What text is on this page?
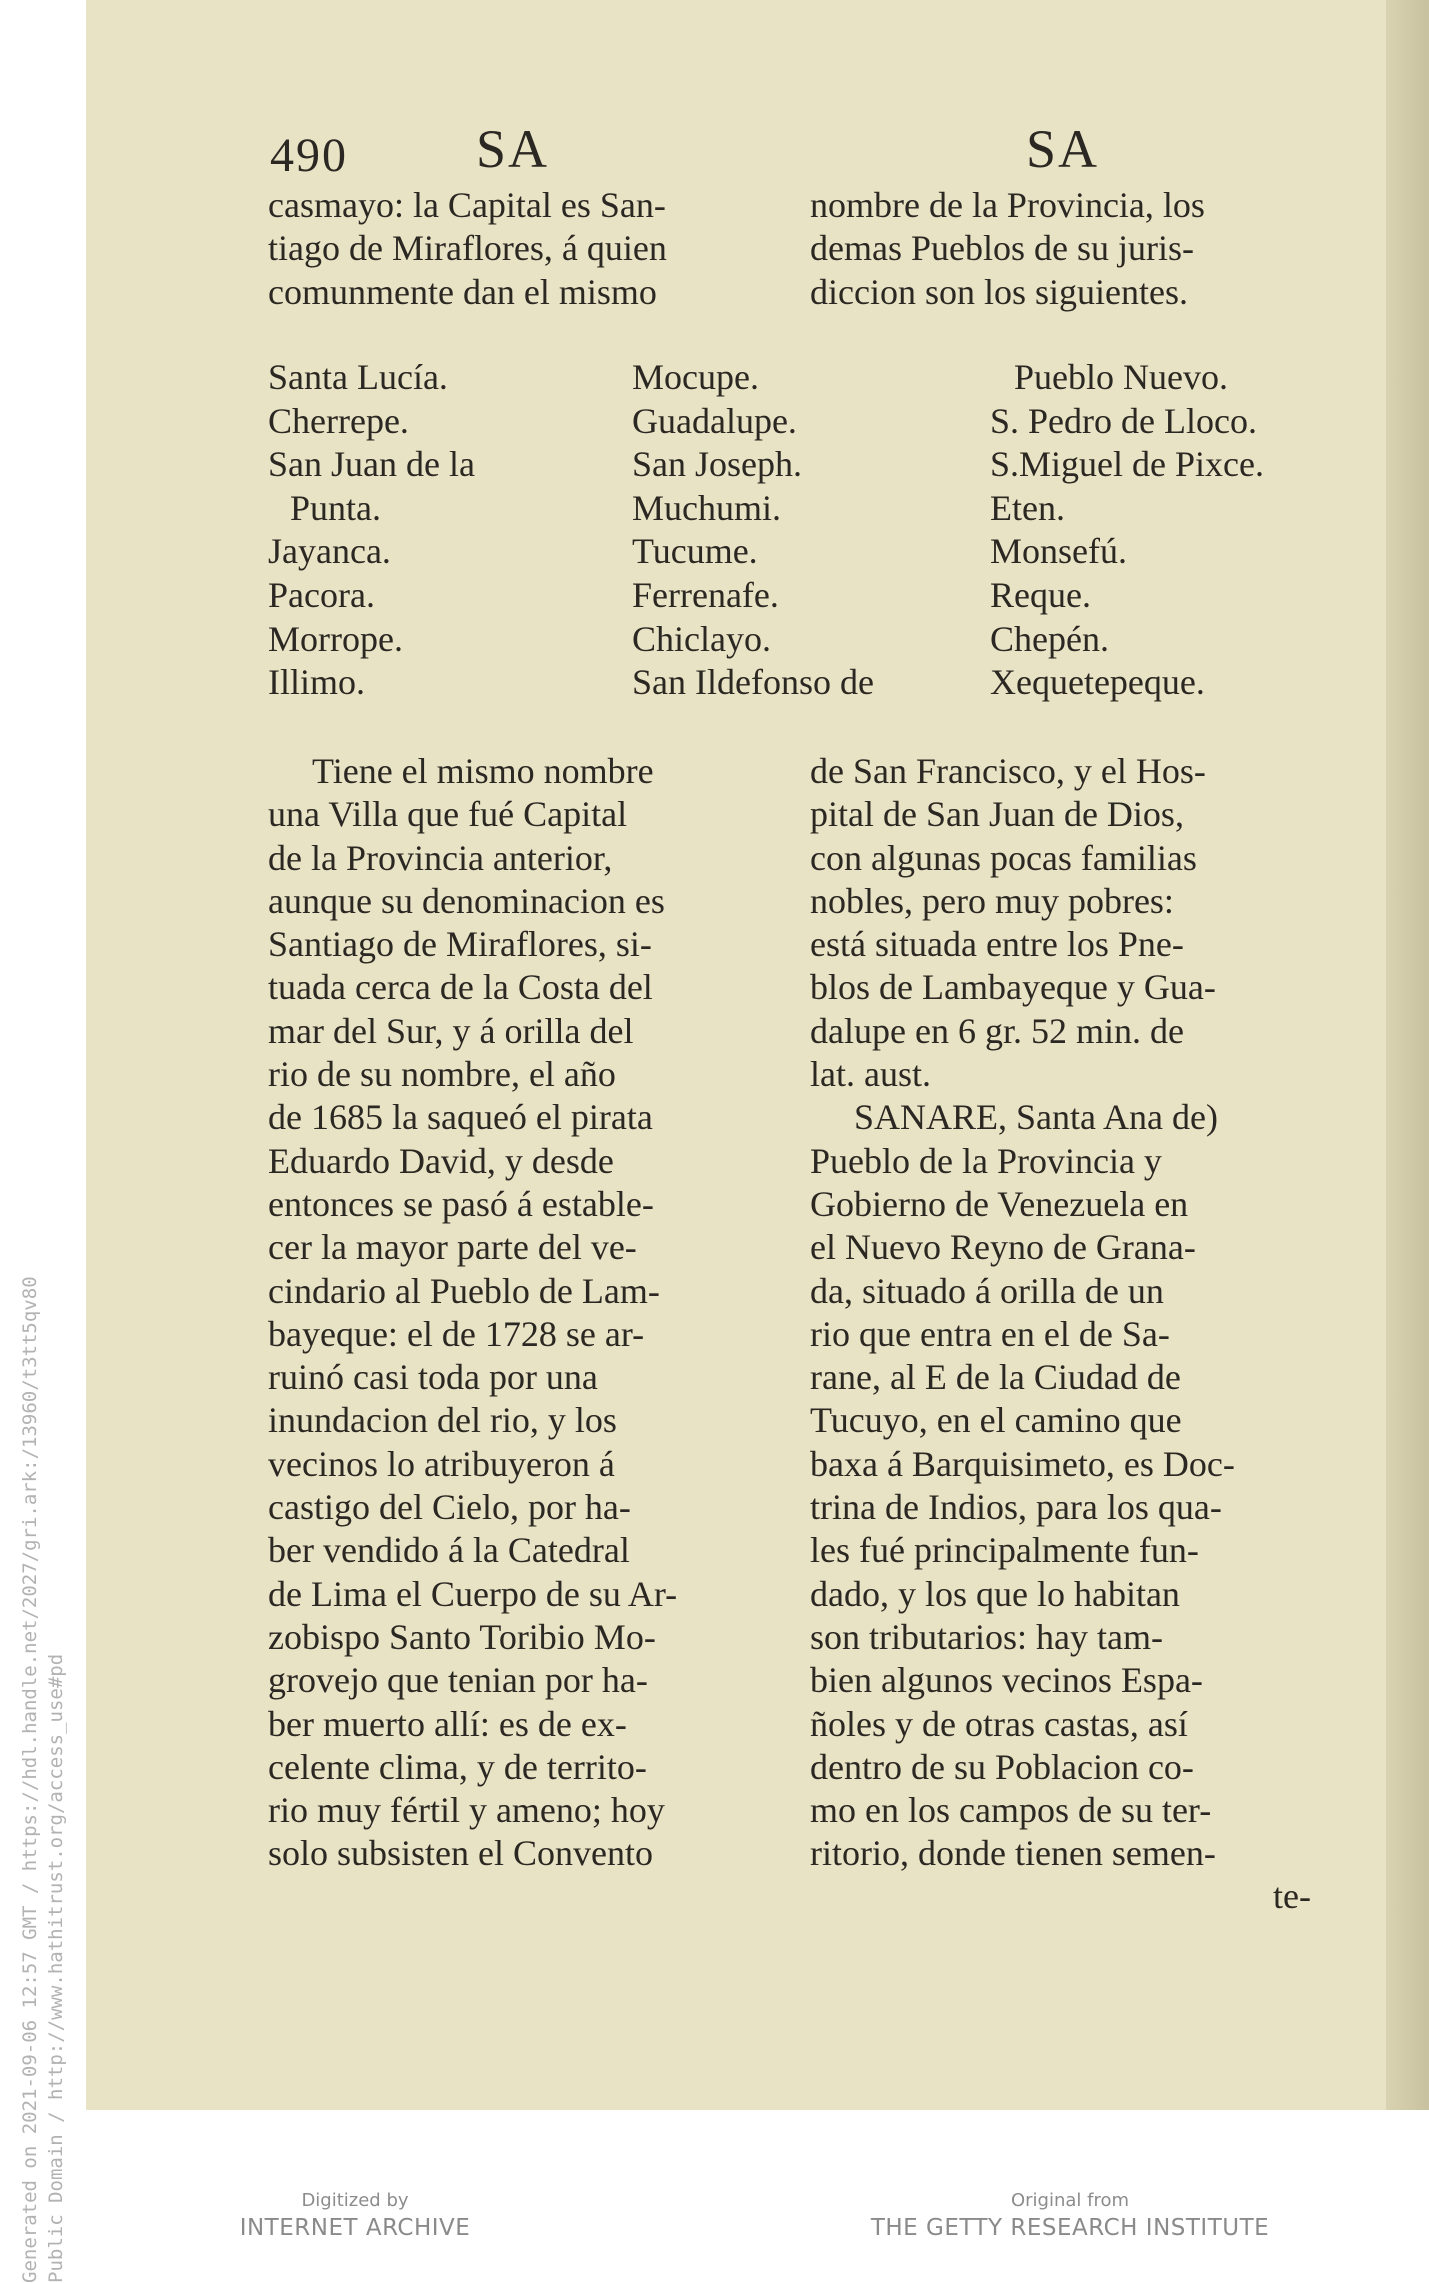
490 SA	SA
casmayo: la Capital es San-
tiago de Miraflores, á quien
comunmente dan el mismo
nombre de la Provincia, los
demas Pueblos de su juris-
diccion son los siguientes.
Santa Lucía.
Cherrepe.
San Juan de la
Punta.
Jayanca.
Pacora.
Morrope.
Illimo.
Mocupe.
Guadalupe.
San Joseph.
Muchumi.
Tucume.
Ferrenafe.
Chiclayo.
San Ildefonso de
Pueblo Nuevo.
S. Pedro de Lloco.
S.Miguel de Pixce.
Eten.
Monsefú.
Reque.
Chepén.
Xequetepeque.
Tiene el mismo nombre
una Villa que fué Capital
de la Provincia anterior,
aunque su denominacion es
Santiago de Miraflores, si-
tuada cerca de la Costa del
mar del Sur, y á orilla del
rio de su nombre, el año
de 1685 la saqueó el pirata
Eduardo David, y desde
entonces se pasó á estable-
cer la mayor parte del ve-
cindario al Pueblo de Lam-
bayeque: el de 1728 se ar-
ruinó casi toda por una
inundacion del rio, y los
vecinos lo atribuyeron á
castigo del Cielo, por ha-
ber vendido á la Catedral
de Lima el Cuerpo de su Ar-
zobispo Santo Toribio Mo-
grovejo que tenian por ha-
ber muerto allí: es de ex-
celente clima, y de territo-
rio muy fértil y ameno; hoy
solo subsisten el Convento
de San Francisco, y el Hos-
pital de San Juan de Dios,
con algunas pocas familias
nobles, pero muy pobres:
está situada entre los Pne-
blos de Lambayeque y Gua-
dalupe en 6 gr. 52 min. de
lat. aust.
SANARE, Santa Ana de)
Pueblo de la Provincia y
Gobierno de Venezuela en
el Nuevo Reyno de Grana-
da, situado á orilla de un
rio que entra en el de Sa-
rane, al E de la Ciudad de
Tucuyo, en el camino que
baxa á Barquisimeto, es Doc-
trina de Indios, para los qua-
les fué principalmente fun-
dado, y los que lo habitan
son tributarios: hay tam-
bien algunos vecinos Espa-
ñoles y de otras castas, así
dentro de su Poblacion co-
mo en los campos de su ter-
ritorio, donde tienen semen-
te-
Generated on 2021-09-06 12:57 GMT / https://hdl.handle.net/2027/gri.ark:/13960/t3tt5qv80 Public Domain / http://www.hathitrust.org/access_use#pd	Digitized by
INTERNET ARCHIVE
Original from
THE GETTY RESEARCH INSTITUTE
